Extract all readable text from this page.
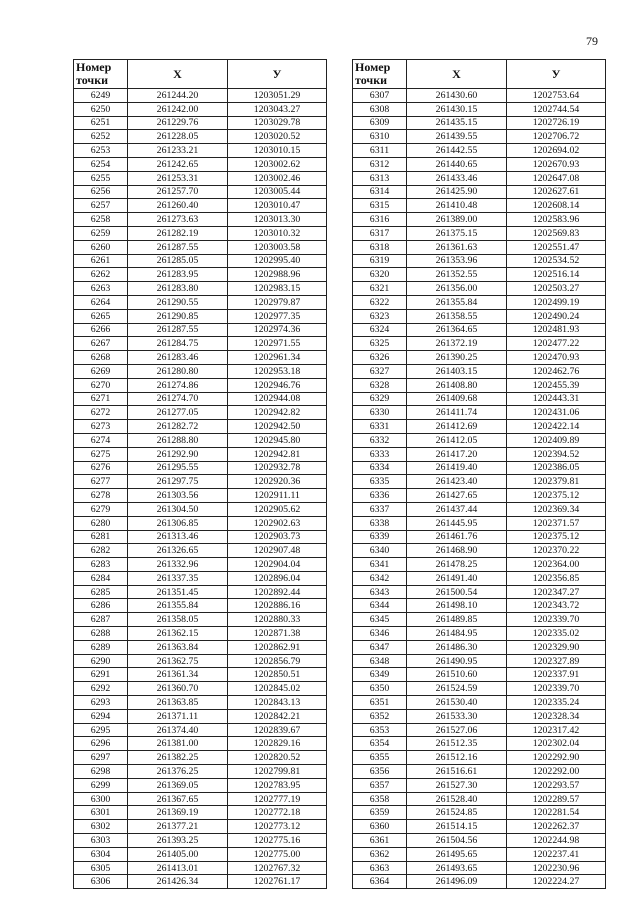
79
Номер
точки	X	У
6249	261244.20	1203051.29
6250	261242.00	1203043.27
6251	261229.76	1203029.78
6252	261228.05	1203020.52
6253	261233.21	1203010.15
6254	261242.65	1203002.62
6255	261253.31	1203002.46
6256	261257.70	1203005.44
6257	261260.40	1203010.47
6258	261273.63	1203013.30
6259	261282.19	1203010.32
6260	261287.55	1203003.58
6261	261285.05	1202995.40
6262	261283.95	1202988.96
6263	261283.80	1202983.15
6264	261290.55	1202979.87
6265	261290.85	1202977.35
6266	261287.55	1202974.36
6267	261284.75	1202971.55
6268	261283.46	1202961.34
6269	261280.80	1202953.18
6270	261274.86	1202946.76
6271	261274.70	1202944.08
6272	261277.05	1202942.82
6273	261282.72	1202942.50
6274	261288.80	1202945.80
6275	261292.90	1202942.81
6276	261295.55	1202932.78
6277	261297.75	1202920.36
6278	261303.56	1202911.11
6279	261304.50	1202905.62
6280	261306.85	1202902.63
6281	261313.46	1202903.73
6282	261326.65	1202907.48
6283	261332.96	1202904.04
6284	261337.35	1202896.04
6285	261351.45	1202892.44
6286	261355.84	1202886.16
6287	261358.05	1202880.33
6288	261362.15	1202871.38
6289	261363.84	1202862.91
6290	261362.75	1202856.79
6291	261361.34	1202850.51
6292	261360.70	1202845.02
6293	261363.85	1202843.13
6294	261371.11	1202842.21
6295	261374.40	1202839.67
6296	261381.00	1202829.16
6297	261382.25	1202820.52
6298	261376.25	1202799.81
6299	261369.05	1202783.95
6300	261367.65	1202777.19
6301	261369.19	1202772.18
6302	261377.21	1202773.12
6303	261393.25	1202775.16
6304	261405.00	1202775.00
6305	261413.01	1202767.32
6306	261426.34	1202761.17
Номер
точки	X	У
6307	261430.60	1202753.64
6308	261430.15	1202744.54
6309	261435.15	1202726.19
6310	261439.55	1202706.72
6311	261442.55	1202694.02
6312	261440.65	1202670.93
6313	261433.46	1202647.08
6314	261425.90	1202627.61
6315	261410.48	1202608.14
6316	261389.00	1202583.96
6317	261375.15	1202569.83
6318	261361.63	1202551.47
6319	261353.96	1202534.52
6320	261352.55	1202516.14
6321	261356.00	1202503.27
6322	261355.84	1202499.19
6323	261358.55	1202490.24
6324	261364.65	1202481.93
6325	261372.19	1202477.22
6326	261390.25	1202470.93
6327	261403.15	1202462.76
6328	261408.80	1202455.39
6329	261409.68	1202443.31
6330	261411.74	1202431.06
6331	261412.69	1202422.14
6332	261412.05	1202409.89
6333	261417.20	1202394.52
6334	261419.40	1202386.05
6335	261423.40	1202379.81
6336	261427.65	1202375.12
6337	261437.44	1202369.34
6338	261445.95	1202371.57
6339	261461.76	1202375.12
6340	261468.90	1202370.22
6341	261478.25	1202364.00
6342	261491.40	1202356.85
6343	261500.54	1202347.27
6344	261498.10	1202343.72
6345	261489.85	1202339.70
6346	261484.95	1202335.02
6347	261486.30	1202329.90
6348	261490.95	1202327.89
6349	261510.60	1202337.91
6350	261524.59	1202339.70
6351	261530.40	1202335.24
6352	261533.30	1202328.34
6353	261527.06	1202317.42
6354	261512.35	1202302.04
6355	261512.16	1202292.90
6356	261516.61	1202292.00
6357	261527.30	1202293.57
6358	261528.40	1202289.57
6359	261524.85	1202281.54
6360	261514.15	1202262.37
6361	261504.56	1202244.98
6362	261495.65	1202237.41
6363	261493.65	1202230.96
6364	261496.09	1202224.27
